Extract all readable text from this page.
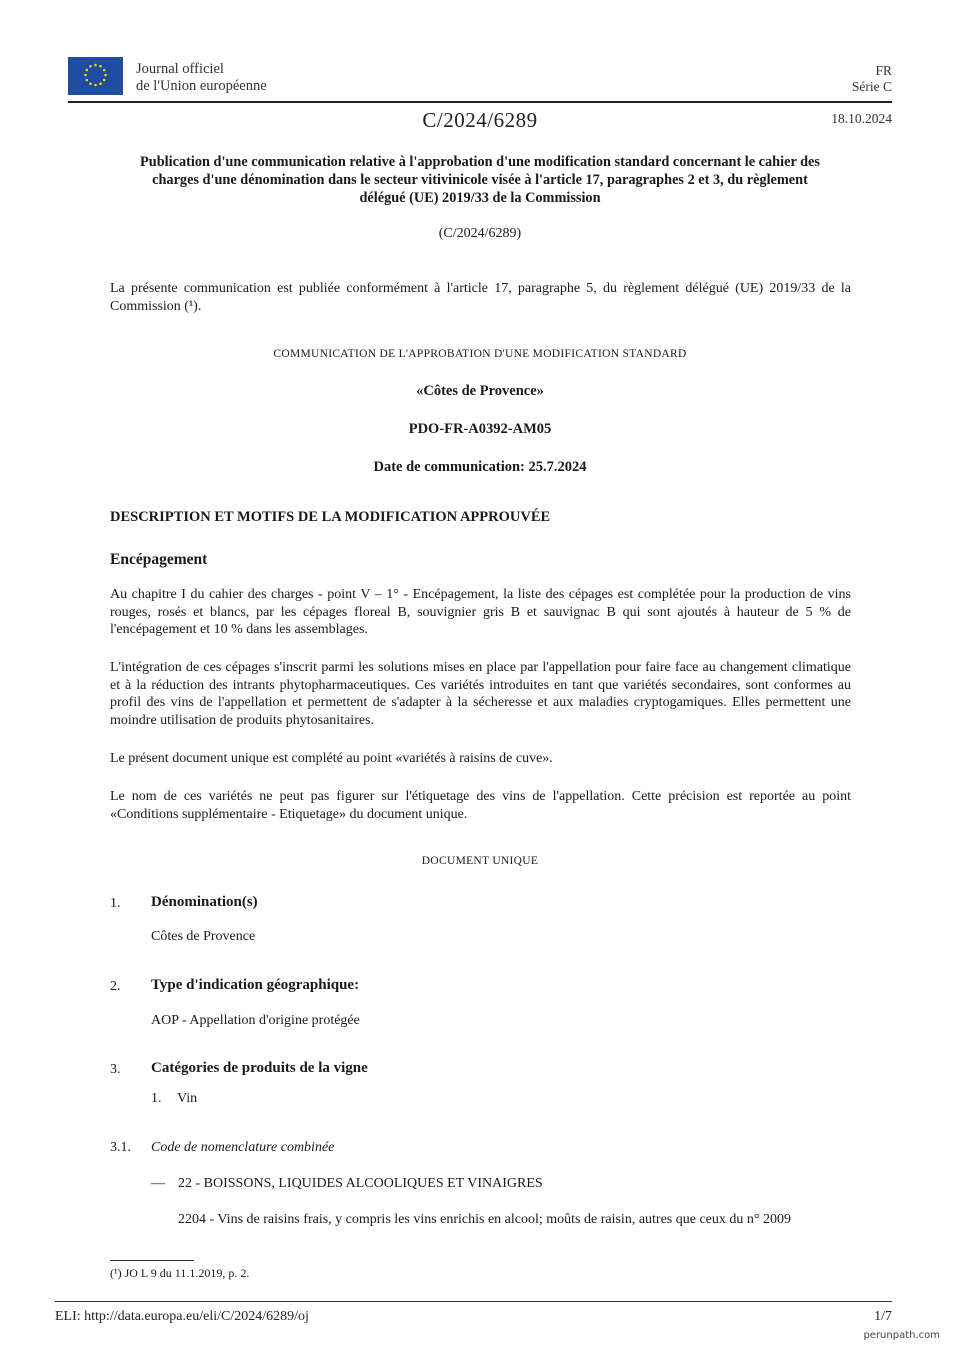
Journal officiel
de l'Union européenne
FR
Série C
C/2024/6289	18.10.2024
Publication d'une communication relative à l'approbation d'une modification standard concernant le cahier des charges d'une dénomination dans le secteur vitivinicole visée à l'article 17, paragraphes 2 et 3, du règlement délégué (UE) 2019/33 de la Commission
(C/2024/6289)
La présente communication est publiée conformément à l'article 17, paragraphe 5, du règlement délégué (UE) 2019/33 de la Commission (¹).
COMMUNICATION DE L'APPROBATION D'UNE MODIFICATION STANDARD
«Côtes de Provence»
PDO-FR-A0392-AM05
Date de communication: 25.7.2024
DESCRIPTION ET MOTIFS DE LA MODIFICATION APPROUVÉE
Encépagement
Au chapitre I du cahier des charges - point V – 1° - Encépagement, la liste des cépages est complétée pour la production de vins rouges, rosés et blancs, par les cépages floreal B, souvignier gris B et sauvignac B qui sont ajoutés à hauteur de 5 % de l'encépagement et 10 % dans les assemblages.
L'intégration de ces cépages s'inscrit parmi les solutions mises en place par l'appellation pour faire face au changement climatique et à la réduction des intrants phytopharmaceutiques. Ces variétés introduites en tant que variétés secondaires, sont conformes au profil des vins de l'appellation et permettent de s'adapter à la sécheresse et aux maladies cryptogamiques. Elles permettent une moindre utilisation de produits phytosanitaires.
Le présent document unique est complété au point «variétés à raisins de cuve».
Le nom de ces variétés ne peut pas figurer sur l'étiquetage des vins de l'appellation. Cette précision est reportée au point «Conditions supplémentaire - Etiquetage» du document unique.
DOCUMENT UNIQUE
1. Dénomination(s)
Côtes de Provence
2. Type d'indication géographique:
AOP - Appellation d'origine protégée
3. Catégories de produits de la vigne
1. Vin
3.1. Code de nomenclature combinée
— 22 - BOISSONS, LIQUIDES ALCOOLIQUES ET VINAIGRES
2204 - Vins de raisins frais, y compris les vins enrichis en alcool; moûts de raisin, autres que ceux du n° 2009
(¹) JO L 9 du 11.1.2019, p. 2.
ELI: http://data.europa.eu/eli/C/2024/6289/oj	1/7
perunpath.com
